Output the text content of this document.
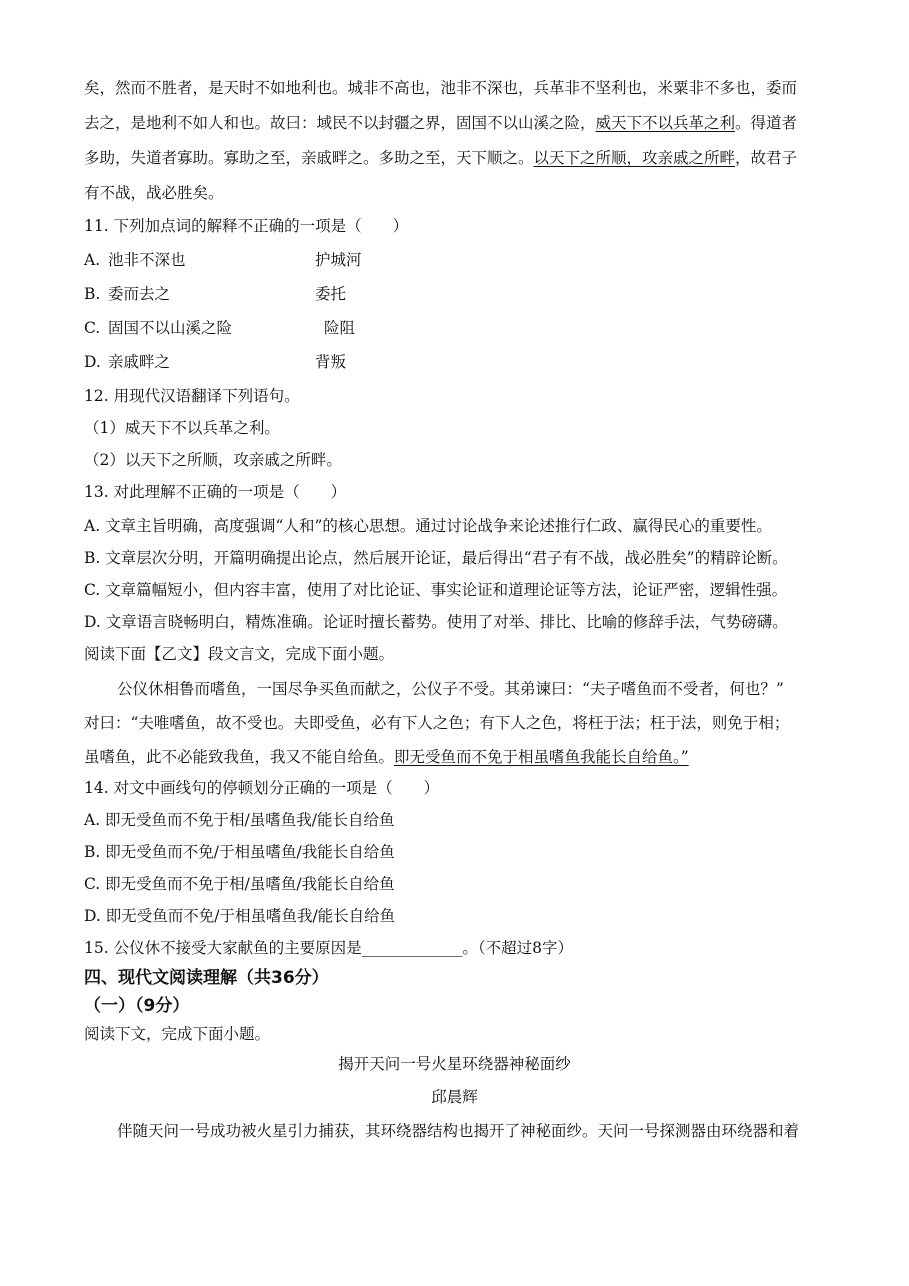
矣，然而不胜者，是天时不如地利也。城非不高也，池非不深也，兵革非不坚利也，米粟非不多也，委而
去之，是地利不如人和也。故曰：域民不以封疆之界，固国不以山溪之险，威天下不以兵革之利。得道者
多助，失道者寡助。寡助之至，亲戚畔之。多助之至，天下顺之。以天下之所顺，攻亲戚之所畔，故君子
有不战，战必胜矣。
11. 下列加点词的解释不正确的一项是（　　）
A. 池非不深也	护城河
B. 委而去之	委托
C. 固国不以山溪之险	险阻
D. 亲戚畔之	背叛
12. 用现代汉语翻译下列语句。
（1）威天下不以兵革之利。
（2）以天下之所顺，攻亲戚之所畔。
13. 对此理解不正确的一项是（　　）
A. 文章主旨明确，高度强调“人和”的核心思想。通过讨论战争来论述推行仁政、赢得民心的重要性。
B. 文章层次分明，开篇明确提出论点，然后展开论证，最后得出“君子有不战，战必胜矣”的精辟论断。
C. 文章篇幅短小，但内容丰富，使用了对比论证、事实论证和道理论证等方法，论证严密，逻辑性强。
D. 文章语言晓畅明白，精炼准确。论证时擅长蓄势。使用了对举、排比、比喻的修辞手法，气势磅礴。
阅读下面【乙文】段文言文，完成下面小题。
公仪休相鲁而嗜鱼，一国尽争买鱼而献之，公仪子不受。其弟谏曰：“夫子嗜鱼而不受者，何也？”
对曰：“夫唯嗜鱼，故不受也。夫即受鱼，必有下人之色；有下人之色，将枉于法；枉于法，则免于相；
虽嗜鱼，此不必能致我鱼，我又不能自给鱼。即无受鱼而不免于相虽嗜鱼我能长自给鱼。”
14. 对文中画线句的停顿划分正确的一项是（　　）
A. 即无受鱼而不免于相/虽嗜鱼我/能长自给鱼
B. 即无受鱼而不免/于相虽嗜鱼/我能长自给鱼
C. 即无受鱼而不免于相/虽嗜鱼/我能长自给鱼
D. 即无受鱼而不免/于相虽嗜鱼我/能长自给鱼
15. 公仪休不接受大家献鱼的主要原因是_____________。（不超过8字）
四、现代文阅读理解（共36分）
（一）（9分）
阅读下文，完成下面小题。
揭开天问一号火星环绕器神秘面纱
邱晨辉
伴随天问一号成功被火星引力捕获，其环绕器结构也揭开了神秘面纱。天问一号探测器由环绕器和着
